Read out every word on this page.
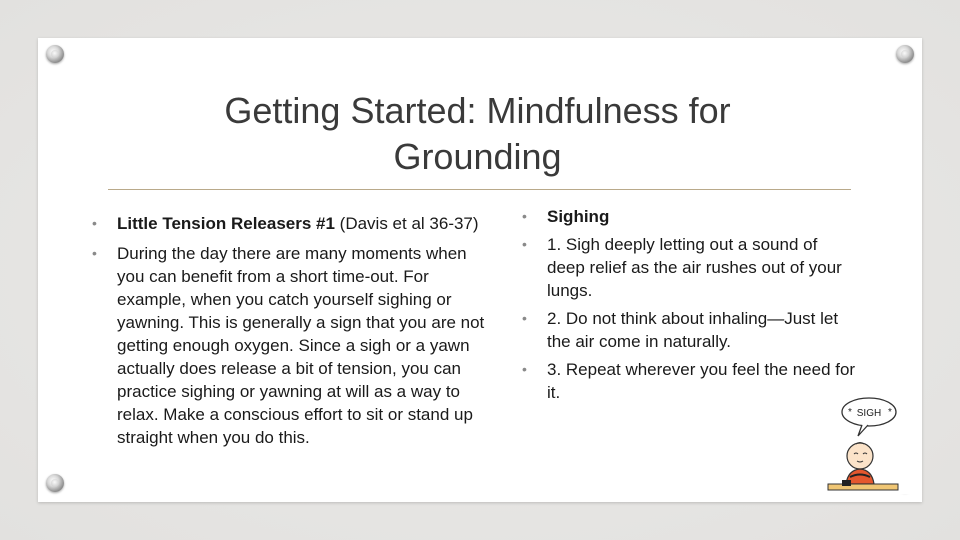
Getting Started: Mindfulness for Grounding
• Little Tension Releasers #1 (Davis et al 36-37)
• During the day there are many moments when you can benefit from a short time-out. For example, when you catch yourself sighing or yawning. This is generally a sign that you are not getting enough oxygen. Since a sigh or a yawn actually does release a bit of tension, you can practice sighing or yawning at will as a way to relax. Make a conscious effort to sit or stand up straight when you do this.
• Sighing
• 1. Sigh deeply letting out a sound of deep relief as the air rushes out of your lungs.
• 2. Do not think about inhaling—Just let the air come in naturally.
• 3. Repeat wherever you feel the need for it.
SIGH
*	*
